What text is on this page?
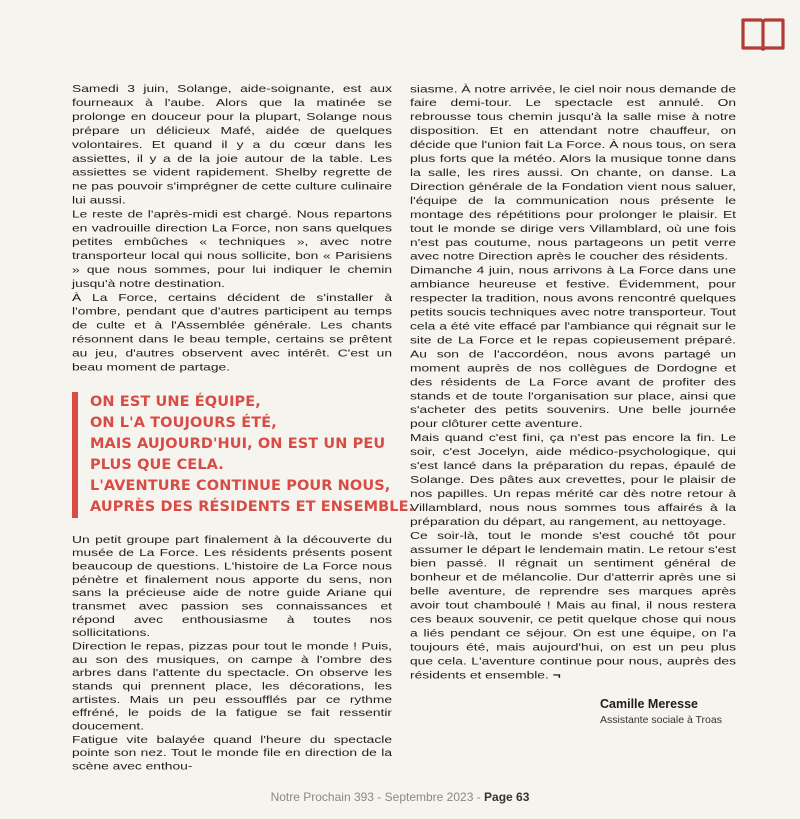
Samedi 3 juin, Solange, aide-soignante, est aux fourneaux à l'aube. Alors que la matinée se prolonge en douceur pour la plupart, Solange nous prépare un délicieux Mafé, aidée de quelques volontaires. Et quand il y a du cœur dans les assiettes, il y a de la joie autour de la table. Les assiettes se vident rapidement. Shelby regrette de ne pas pouvoir s'imprégner de cette culture culinaire lui aussi.

Le reste de l'après-midi est chargé. Nous repartons en vadrouille direction La Force, non sans quelques petites embûches « techniques », avec notre transporteur local qui nous sollicite, bon « Parisiens » que nous sommes, pour lui indiquer le chemin jusqu'à notre destination.

À La Force, certains décident de s'installer à l'ombre, pendant que d'autres participent au temps de culte et à l'Assemblée générale. Les chants résonnent dans le beau temple, certains se prêtent au jeu, d'autres observent avec intérêt. C'est un beau moment de partage.

ON EST UNE ÉQUIPE,
ON L'A TOUJOURS ÉTÉ,
MAIS AUJOURD'HUI, ON EST UN PEU
PLUS QUE CELA.
L'AVENTURE CONTINUE POUR NOUS,
AUPRÈS DES RÉSIDENTS ET ENSEMBLE.

Un petit groupe part finalement à la découverte du musée de La Force. Les résidents présents posent beaucoup de questions. L'histoire de La Force nous pénètre et finalement nous apporte du sens, non sans la précieuse aide de notre guide Ariane qui transmet avec passion ses connaissances et répond avec enthousiasme à toutes nos sollicitations.

Direction le repas, pizzas pour tout le monde ! Puis, au son des musiques, on campe à l'ombre des arbres dans l'attente du spectacle. On observe les stands qui prennent place, les décorations, les artistes. Mais un peu essoufflés par ce rythme effréné, le poids de la fatigue se fait ressentir doucement.

Fatigue vite balayée quand l'heure du spectacle pointe son nez. Tout le monde file en direction de la scène avec enthou-

siasme. À notre arrivée, le ciel noir nous demande de faire demi-tour. Le spectacle est annulé. On rebrousse tous chemin jusqu'à la salle mise à notre disposition. Et en attendant notre chauffeur, on décide que l'union fait La Force. À nous tous, on sera plus forts que la météo. Alors la musique tonne dans la salle, les rires aussi. On chante, on danse. La Direction générale de la Fondation vient nous saluer, l'équipe de la communication nous présente le montage des répétitions pour prolonger le plaisir. Et tout le monde se dirige vers Villamblard, où une fois n'est pas coutume, nous partageons un petit verre avec notre Direction après le coucher des résidents.

Dimanche 4 juin, nous arrivons à La Force dans une ambiance heureuse et festive. Évidemment, pour respecter la tradition, nous avons rencontré quelques petits soucis techniques avec notre transporteur. Tout cela a été vite effacé par l'ambiance qui régnait sur le site de La Force et le repas copieusement préparé. Au son de l'accordéon, nous avons partagé un moment auprès de nos collègues de Dordogne et des résidents de La Force avant de profiter des stands et de toute l'organisation sur place, ainsi que s'acheter des petits souvenirs. Une belle journée pour clôturer cette aventure.

Mais quand c'est fini, ça n'est pas encore la fin. Le soir, c'est Jocelyn, aide médico-psychologique, qui s'est lancé dans la préparation du repas, épaulé de Solange. Des pâtes aux crevettes, pour le plaisir de nos papilles. Un repas mérité car dès notre retour à Villamblard, nous nous sommes tous affairés à la préparation du départ, au rangement, au nettoyage.

Ce soir-là, tout le monde s'est couché tôt pour assumer le départ le lendemain matin. Le retour s'est bien passé. Il régnait un sentiment général de bonheur et de mélancolie. Dur d'atterrir après une si belle aventure, de reprendre ses marques après avoir tout chamboulé ! Mais au final, il nous restera ces beaux souvenir, ce petit quelque chose qui nous a liés pendant ce séjour. On est une équipe, on l'a toujours été, mais aujourd'hui, on est un peu plus que cela. L'aventure continue pour nous, auprès des résidents et ensemble. ¬

Camille Meresse
Assistante sociale à Troas
Notre Prochain 393 - Septembre 2023 - Page 63
